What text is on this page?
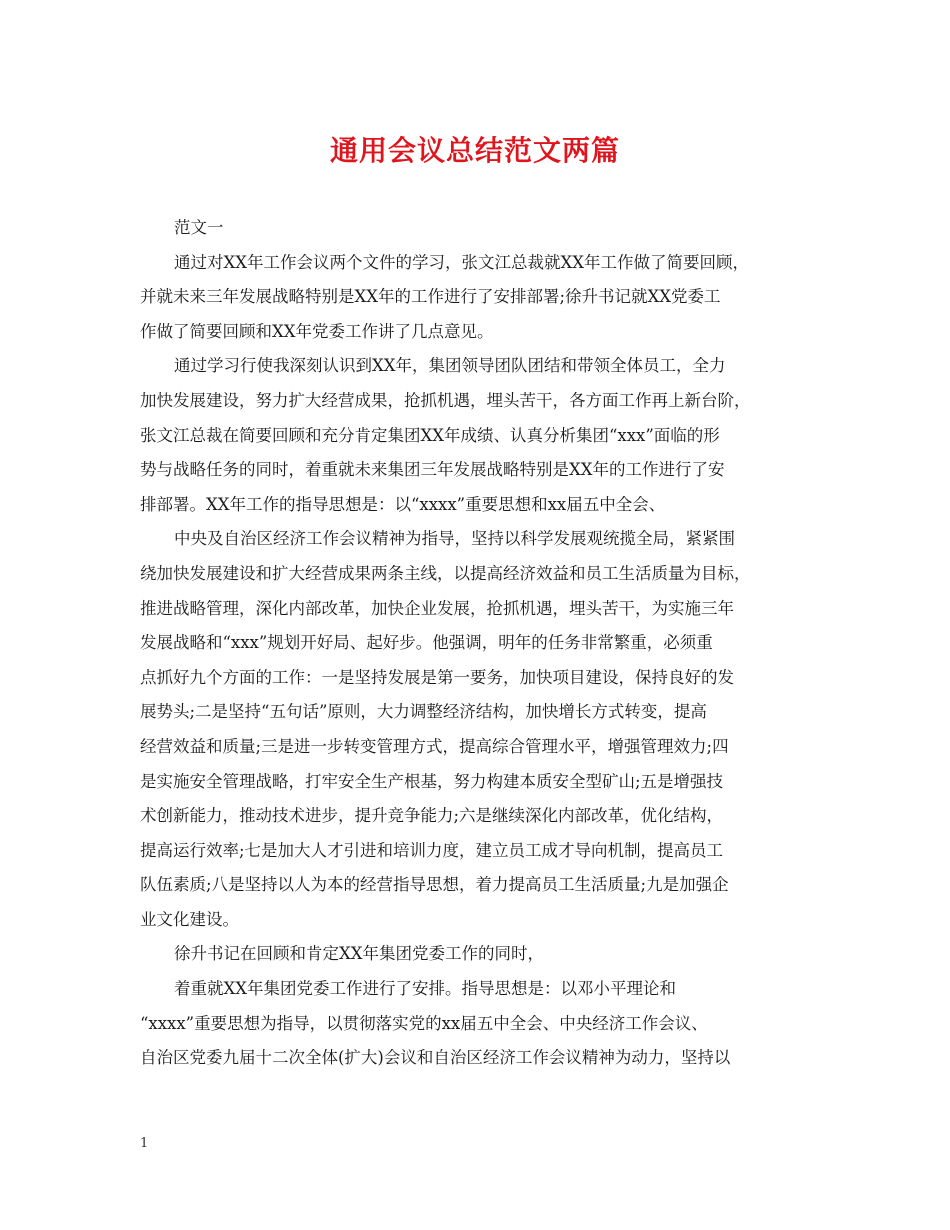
通用会议总结范文两篇
范文一
通过对XX年工作会议两个文件的学习，张文江总裁就XX年工作做了简要回顾，
并就未来三年发展战略特别是XX年的工作进行了安排部署;徐升书记就XX党委工
作做了简要回顾和XX年党委工作讲了几点意见。
通过学习行使我深刻认识到XX年，集团领导团队团结和带领全体员工，全力
加快发展建设，努力扩大经营成果，抢抓机遇，埋头苦干，各方面工作再上新台阶，
张文江总裁在简要回顾和充分肯定集团XX年成绩、认真分析集团“xxx”面临的形
势与战略任务的同时，着重就未来集团三年发展战略特别是XX年的工作进行了安
排部署。XX年工作的指导思想是：以“xxxx”重要思想和xx届五中全会、
中央及自治区经济工作会议精神为指导，坚持以科学发展观统揽全局，紧紧围
绕加快发展建设和扩大经营成果两条主线，以提高经济效益和员工生活质量为目标，
推进战略管理，深化内部改革，加快企业发展，抢抓机遇，埋头苦干，为实施三年
发展战略和“xxx”规划开好局、起好步。他强调，明年的任务非常繁重，必须重
点抓好九个方面的工作：一是坚持发展是第一要务，加快项目建设，保持良好的发
展势头;二是坚持“五句话”原则，大力调整经济结构，加快增长方式转变，提高
经营效益和质量;三是进一步转变管理方式，提高综合管理水平，增强管理效力;四
是实施安全管理战略，打牢安全生产根基，努力构建本质安全型矿山;五是增强技
术创新能力，推动技术进步，提升竞争能力;六是继续深化内部改革，优化结构，
提高运行效率;七是加大人才引进和培训力度，建立员工成才导向机制，提高员工
队伍素质;八是坚持以人为本的经营指导思想，着力提高员工生活质量;九是加强企
业文化建设。
徐升书记在回顾和肯定XX年集团党委工作的同时，
着重就XX年集团党委工作进行了安排。指导思想是：以邓小平理论和
“xxxx”重要思想为指导，以贯彻落实党的xx届五中全会、中央经济工作会议、
自治区党委九届十二次全体(扩大)会议和自治区经济工作会议精神为动力，坚持以
1
